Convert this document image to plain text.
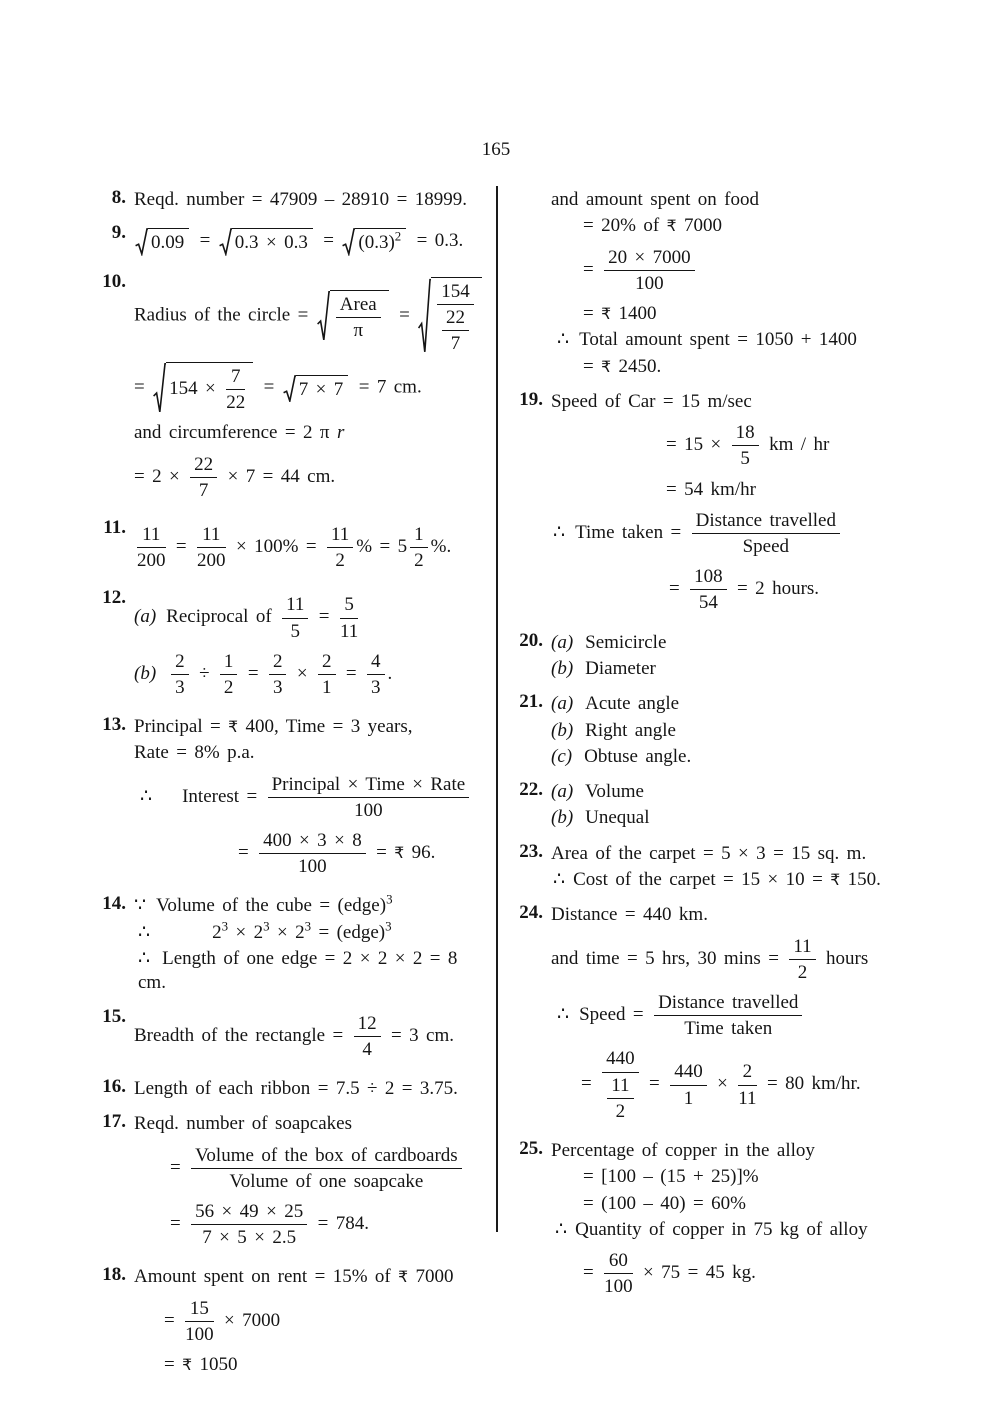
165
8. Reqd. number = 47909 – 28910 = 18999.
9.	$0.09 = 0.3 \times 0.3 = (0.3)^2 = 0.3$.
10.
Radius of the circle = $\frac{\text{Area}}{\pi} = \frac{154}{\frac{22}{7}}$
= $154 \times \frac{7}{22} = 7 \times 7 = 7$ cm.
and circumference = 2 π r
= $2 \times \frac{22}{7} \times 7 = 44$ cm.
11. $\frac{11}{200} = \frac{11}{200} \times 100\% = \frac{11}{2}$ % = $5 \frac{1}{2}$ %.
12.
(a) Reciprocal of $\frac{11}{5} = \frac{5}{11}$
$(b) \frac{2}{3} \div \frac{1}{2} = \frac{2}{3} \times \frac{2}{1} = \frac{4}{3}$ .
13. Principal = ₹ 400, Time = 3 years,
Rate = 8% p.a.
∴ Interest = $\frac{\text{Principal × Time × Rate}}{100}$
= $\frac{400 \times 3 \times 8}{100}$ = ₹ 96.
14. ∵ Volume of the cube = (edge)$^3$
∴	$2^3 \times 2^3 \times 2^3$ = (edge)$^3$
∴ Length of one edge = 2 × 2 × 2 = 8 cm.
15.
Breadth of the rectangle = $\frac{12}{4} = 3$ cm.
16. Length of each ribbon = 7.5 ÷ 2 = 3.75.
17. Reqd. number of soapcakes
= $\frac{\text{Volume of the box of cardboards}}{\text{Volume of one soapcake}}$
= $\frac{56 \times 49 \times 25}{7 \times 5 \times 2.5} = 784$.
18. Amount spent on rent = 15% of ₹ 7000
= $\frac{15}{100} \times 7000$
= ₹ 1050
and amount spent on food
= 20% of ₹ 7000
= $\frac{20 \times 7000}{100}$
= ₹ 1400
∴ Total amount spent = 1050 + 1400
= ₹ 2450.
19. Speed of Car = 15 m/sec
= $15 \times \frac{18}{5}$ km / hr
= 54 km/hr
∴ Time taken = $\frac{\text{Distance travelled}}{\text{Speed}}$
= $\frac{108}{54} = 2$ hours.
20. (a) Semicircle
(b) Diameter
21. (a) Acute angle
(b) Right angle
(c) Obtuse angle.
22. (a) Volume
(b) Unequal
23. Area of the carpet = 5 × 3 = 15 sq. m.
∴ Cost of the carpet = 15 × 10 = ₹ 150.
24. Distance = 440 km.
and time = 5 hrs, 30 $\min s = \frac{11}{2}$ hours
∴ Speed = $\frac{\text{Distance travelled}}{\text{Time taken}}$
= $\frac{440}{\frac{11}{2}} = \frac{440}{1} \times \frac{2}{11} = 80$ km/hr.
25. Percentage of copper in the alloy
= [100 – (15 + 25)]%
= (100 – 40) = 60%
∴ Quantity of copper in 75 kg of alloy
= $\frac{60}{100} \times 75 = 45$ kg.
